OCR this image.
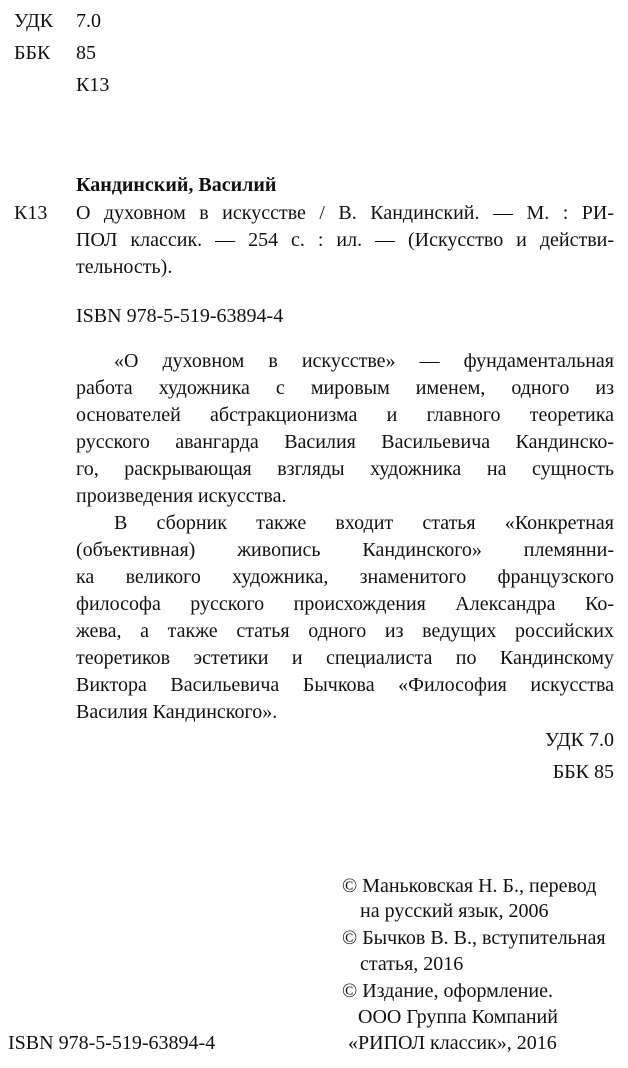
УДК	7.0
ББК	85
К13
Кандинский, Василий
К13 О духовном в искусстве / В. Кандинский. — М. : РИ-
ПОЛ классик. — 254 с. : ил. — (Искусство и действи-
тельность).
ISBN 978-5-519-63894-4
«О духовном в искусстве» — фундаментальная
работа художника с мировым именем, одного из
основателей абстракционизма и главного теоретика
русского авангарда Василия Васильевича Кандинско-
го, раскрывающая взгляды художника на сущность
произведения искусства.
В сборник также входит статья «Конкретная
(объективная) живопись Кандинского» племянни-
ка великого художника, знаменитого французского
философа русского происхождения Александра Ко-
жева, а также статья одного из ведущих российских
теоретиков эстетики и специалиста по Кандинскому
Виктора Васильевича Бычкова «Философия искусства
Василия Кандинского».
УДК 7.0
ББК 85
© Маньковская Н. Б., перевод
на русский язык, 2006
© Бычков В. В., вступительная
статья, 2016
© Издание, оформление.
ООО Группа Компаний
«РИПОЛ классик», 2016
ISBN 978-5-519-63894-4
